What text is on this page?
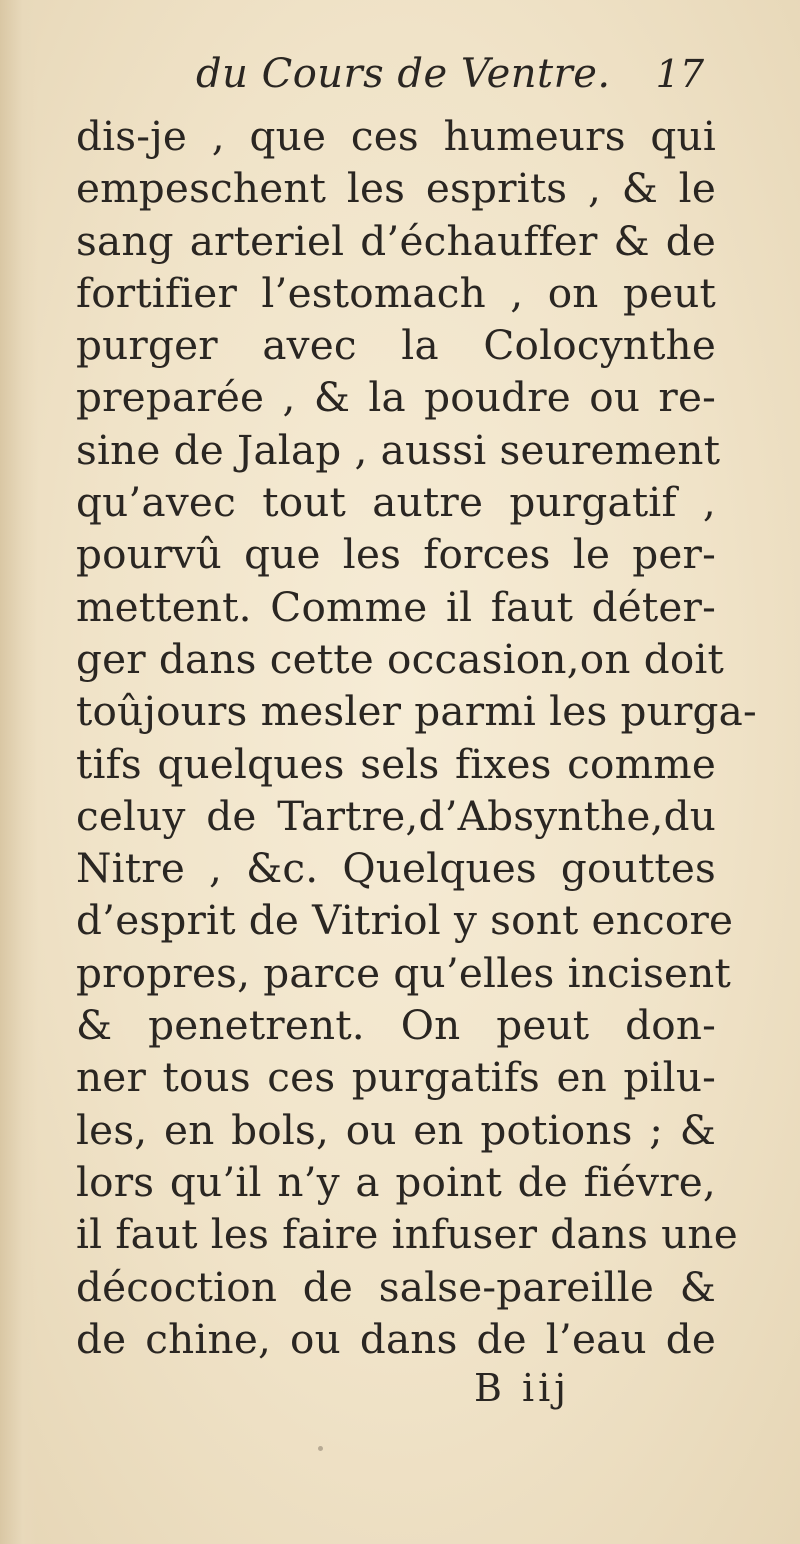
du Cours de Ventre. 17
dis-je , que ces humeurs qui
empeschent les esprits , & le
sang arteriel d’échauffer & de
fortifier l’estomach , on peut
purger avec la Colocynthe
preparée , & la poudre ou re-
sine de Jalap , aussi seurement
qu’avec tout autre purgatif ,
pourvû que les forces le per-
mettent. Comme il faut déter-
ger dans cette occasion,on doit
toûjours mesler parmi les purga-
tifs quelques sels fixes comme
celuy de Tartre,d’Absynthe,du
Nitre , &c. Quelques gouttes
d’esprit de Vitriol y sont encore
propres, parce qu’elles incisent
& penetrent. On peut don-
ner tous ces purgatifs en pilu-
les, en bols, ou en potions ; &
lors qu’il n’y a point de fiévre,
il faut les faire infuser dans une
décoction de salse-pareille &
de chine, ou dans de l’eau de
B iij
